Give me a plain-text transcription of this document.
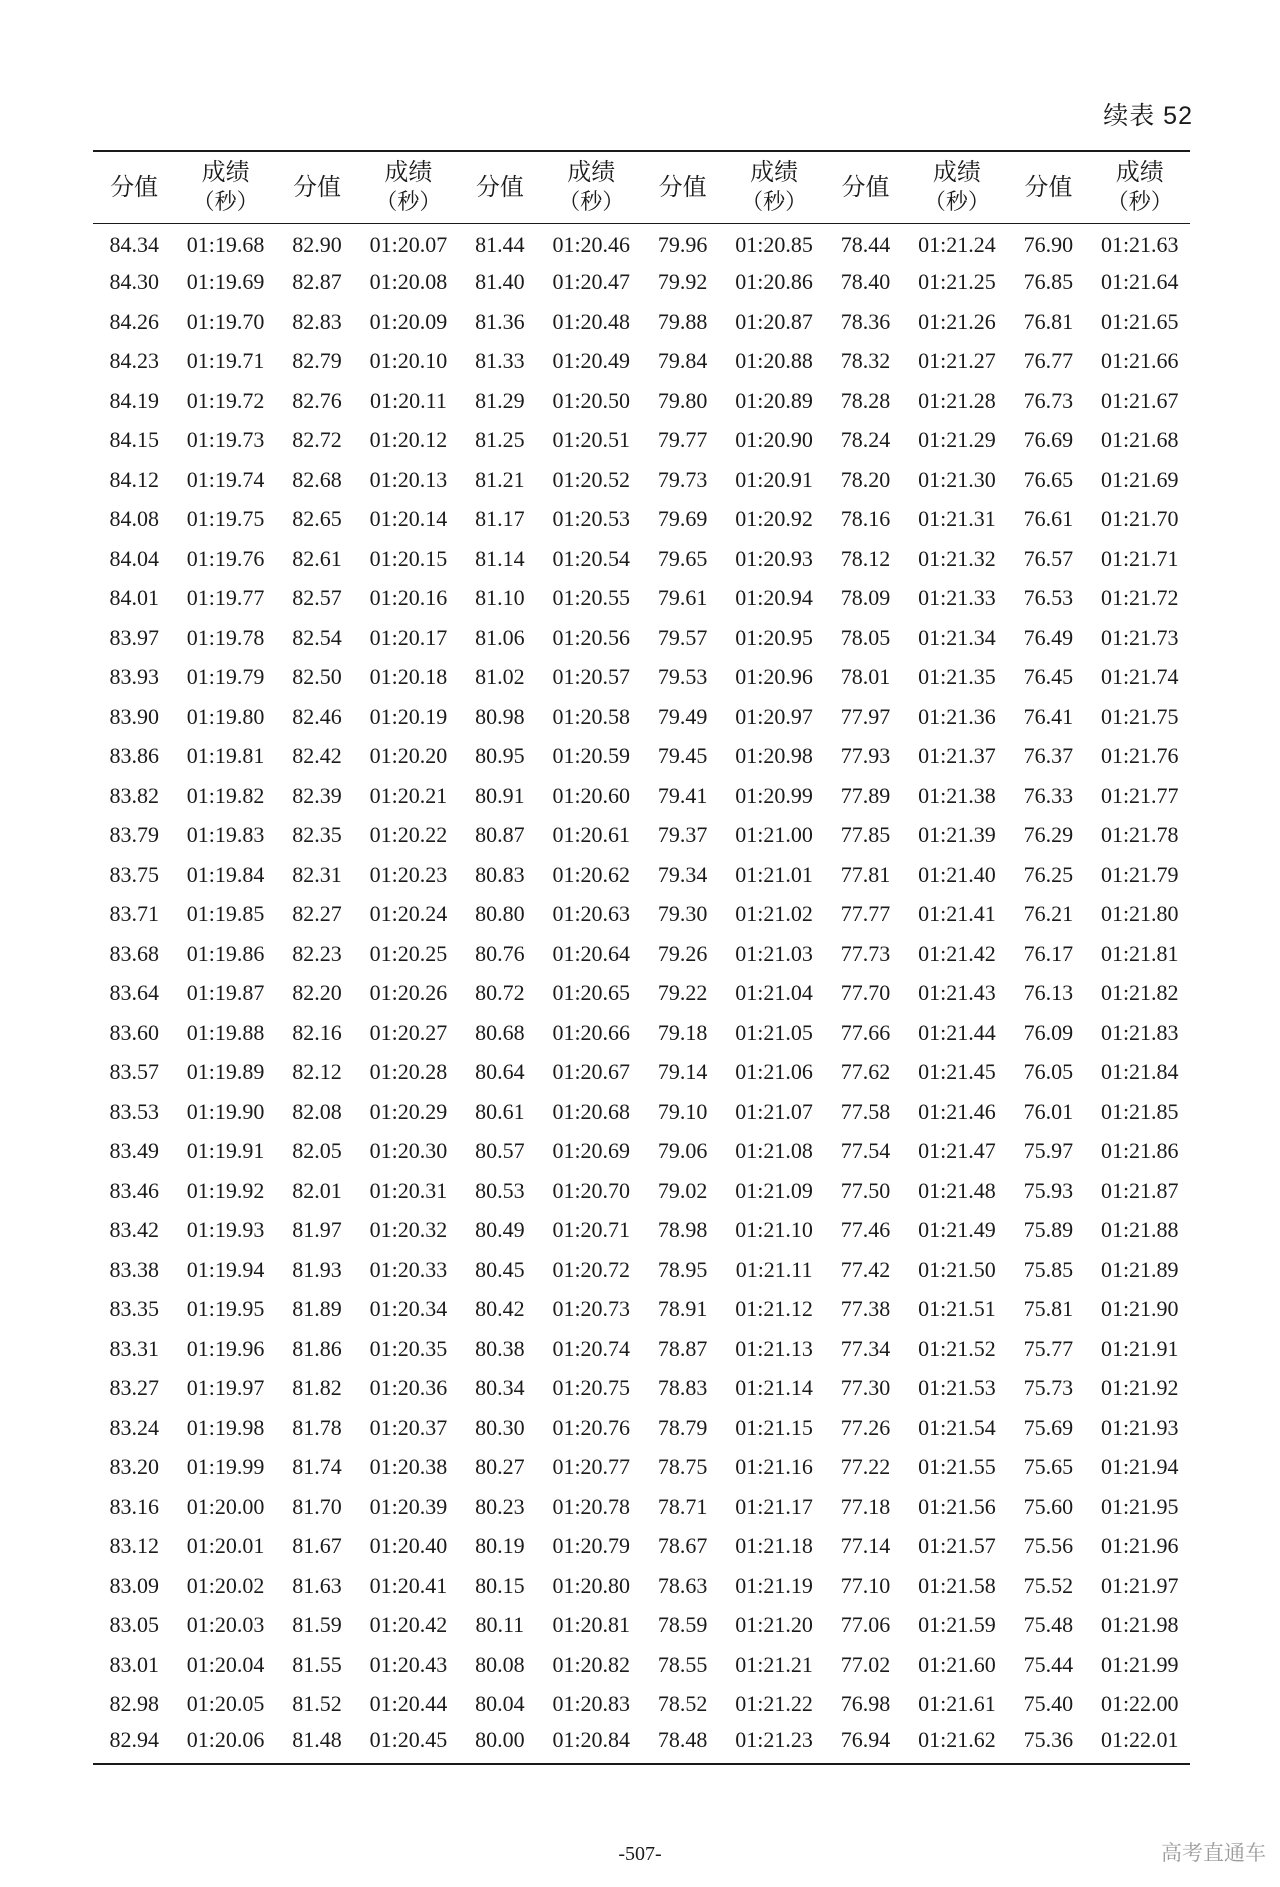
续表 52
分值	成绩
（秒）	分值	成绩
（秒）	分值	成绩
（秒）	分值	成绩
（秒）	分值	成绩
（秒）	分值	成绩
（秒）

84.34	01:19.68	82.90	01:20.07	81.44	01:20.46	79.96	01:20.85	78.44	01:21.24	76.90	01:21.63
84.30	01:19.69	82.87	01:20.08	81.40	01:20.47	79.92	01:20.86	78.40	01:21.25	76.85	01:21.64
84.26	01:19.70	82.83	01:20.09	81.36	01:20.48	79.88	01:20.87	78.36	01:21.26	76.81	01:21.65
84.23	01:19.71	82.79	01:20.10	81.33	01:20.49	79.84	01:20.88	78.32	01:21.27	76.77	01:21.66
84.19	01:19.72	82.76	01:20.11	81.29	01:20.50	79.80	01:20.89	78.28	01:21.28	76.73	01:21.67
84.15	01:19.73	82.72	01:20.12	81.25	01:20.51	79.77	01:20.90	78.24	01:21.29	76.69	01:21.68
84.12	01:19.74	82.68	01:20.13	81.21	01:20.52	79.73	01:20.91	78.20	01:21.30	76.65	01:21.69
84.08	01:19.75	82.65	01:20.14	81.17	01:20.53	79.69	01:20.92	78.16	01:21.31	76.61	01:21.70
84.04	01:19.76	82.61	01:20.15	81.14	01:20.54	79.65	01:20.93	78.12	01:21.32	76.57	01:21.71
84.01	01:19.77	82.57	01:20.16	81.10	01:20.55	79.61	01:20.94	78.09	01:21.33	76.53	01:21.72
83.97	01:19.78	82.54	01:20.17	81.06	01:20.56	79.57	01:20.95	78.05	01:21.34	76.49	01:21.73
83.93	01:19.79	82.50	01:20.18	81.02	01:20.57	79.53	01:20.96	78.01	01:21.35	76.45	01:21.74
83.90	01:19.80	82.46	01:20.19	80.98	01:20.58	79.49	01:20.97	77.97	01:21.36	76.41	01:21.75
83.86	01:19.81	82.42	01:20.20	80.95	01:20.59	79.45	01:20.98	77.93	01:21.37	76.37	01:21.76
83.82	01:19.82	82.39	01:20.21	80.91	01:20.60	79.41	01:20.99	77.89	01:21.38	76.33	01:21.77
83.79	01:19.83	82.35	01:20.22	80.87	01:20.61	79.37	01:21.00	77.85	01:21.39	76.29	01:21.78
83.75	01:19.84	82.31	01:20.23	80.83	01:20.62	79.34	01:21.01	77.81	01:21.40	76.25	01:21.79
83.71	01:19.85	82.27	01:20.24	80.80	01:20.63	79.30	01:21.02	77.77	01:21.41	76.21	01:21.80
83.68	01:19.86	82.23	01:20.25	80.76	01:20.64	79.26	01:21.03	77.73	01:21.42	76.17	01:21.81
83.64	01:19.87	82.20	01:20.26	80.72	01:20.65	79.22	01:21.04	77.70	01:21.43	76.13	01:21.82
83.60	01:19.88	82.16	01:20.27	80.68	01:20.66	79.18	01:21.05	77.66	01:21.44	76.09	01:21.83
83.57	01:19.89	82.12	01:20.28	80.64	01:20.67	79.14	01:21.06	77.62	01:21.45	76.05	01:21.84
83.53	01:19.90	82.08	01:20.29	80.61	01:20.68	79.10	01:21.07	77.58	01:21.46	76.01	01:21.85
83.49	01:19.91	82.05	01:20.30	80.57	01:20.69	79.06	01:21.08	77.54	01:21.47	75.97	01:21.86
83.46	01:19.92	82.01	01:20.31	80.53	01:20.70	79.02	01:21.09	77.50	01:21.48	75.93	01:21.87
83.42	01:19.93	81.97	01:20.32	80.49	01:20.71	78.98	01:21.10	77.46	01:21.49	75.89	01:21.88
83.38	01:19.94	81.93	01:20.33	80.45	01:20.72	78.95	01:21.11	77.42	01:21.50	75.85	01:21.89
83.35	01:19.95	81.89	01:20.34	80.42	01:20.73	78.91	01:21.12	77.38	01:21.51	75.81	01:21.90
83.31	01:19.96	81.86	01:20.35	80.38	01:20.74	78.87	01:21.13	77.34	01:21.52	75.77	01:21.91
83.27	01:19.97	81.82	01:20.36	80.34	01:20.75	78.83	01:21.14	77.30	01:21.53	75.73	01:21.92
83.24	01:19.98	81.78	01:20.37	80.30	01:20.76	78.79	01:21.15	77.26	01:21.54	75.69	01:21.93
83.20	01:19.99	81.74	01:20.38	80.27	01:20.77	78.75	01:21.16	77.22	01:21.55	75.65	01:21.94
83.16	01:20.00	81.70	01:20.39	80.23	01:20.78	78.71	01:21.17	77.18	01:21.56	75.60	01:21.95
83.12	01:20.01	81.67	01:20.40	80.19	01:20.79	78.67	01:21.18	77.14	01:21.57	75.56	01:21.96
83.09	01:20.02	81.63	01:20.41	80.15	01:20.80	78.63	01:21.19	77.10	01:21.58	75.52	01:21.97
83.05	01:20.03	81.59	01:20.42	80.11	01:20.81	78.59	01:21.20	77.06	01:21.59	75.48	01:21.98
83.01	01:20.04	81.55	01:20.43	80.08	01:20.82	78.55	01:21.21	77.02	01:21.60	75.44	01:21.99
82.98	01:20.05	81.52	01:20.44	80.04	01:20.83	78.52	01:21.22	76.98	01:21.61	75.40	01:22.00
82.94	01:20.06	81.48	01:20.45	80.00	01:20.84	78.48	01:21.23	76.94	01:21.62	75.36	01:22.01
-507-	高考直通车
